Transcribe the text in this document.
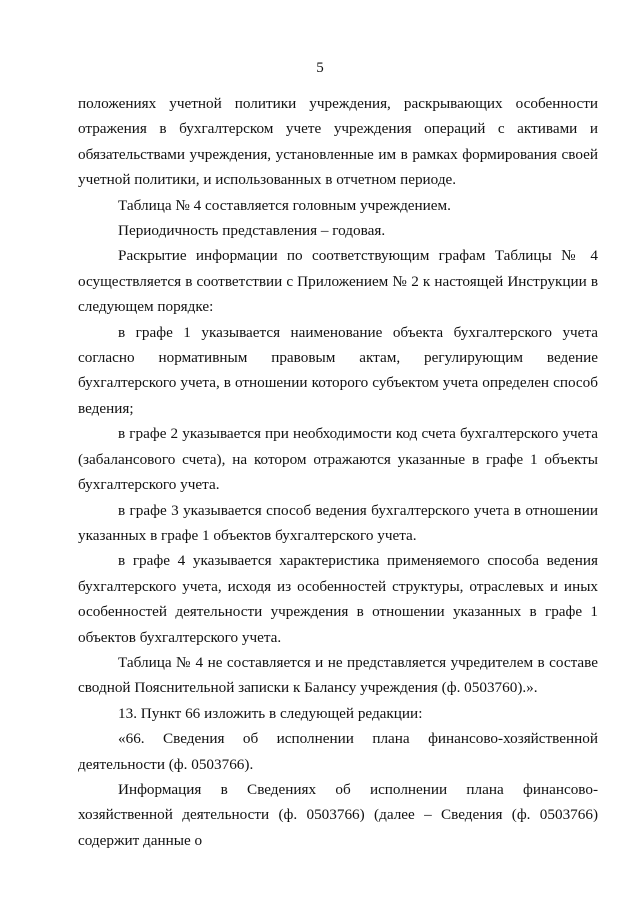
5

положениях учетной политики учреждения, раскрывающих особенности отражения в бухгалтерском учете учреждения операций с активами и обязательствами учреждения, установленные им в рамках формирования своей учетной политики, и использованных в отчетном периоде.

Таблица № 4 составляется головным учреждением.

Периодичность представления – годовая.

Раскрытие информации по соответствующим графам Таблицы № 4 осуществляется в соответствии с Приложением № 2 к настоящей Инструкции в следующем порядке:

в графе 1 указывается наименование объекта бухгалтерского учета согласно нормативным правовым актам, регулирующим ведение бухгалтерского учета, в отношении которого субъектом учета определен способ ведения;

в графе 2 указывается при необходимости код счета бухгалтерского учета (забалансового счета), на котором отражаются указанные в графе 1 объекты бухгалтерского учета.

в графе 3 указывается способ ведения бухгалтерского учета в отношении указанных в графе 1 объектов бухгалтерского учета.

в графе 4 указывается характеристика применяемого способа ведения бухгалтерского учета, исходя из особенностей структуры, отраслевых и иных особенностей деятельности учреждения в отношении указанных в графе 1 объектов бухгалтерского учета.

Таблица № 4 не составляется и не представляется учредителем в составе сводной Пояснительной записки к Балансу учреждения (ф. 0503760).».

13. Пункт 66 изложить в следующей редакции:

«66. Сведения об исполнении плана финансово-хозяйственной деятельности (ф. 0503766).

Информация в Сведениях об исполнении плана финансово-хозяйственной деятельности (ф. 0503766) (далее – Сведения (ф. 0503766) содержит данные о
